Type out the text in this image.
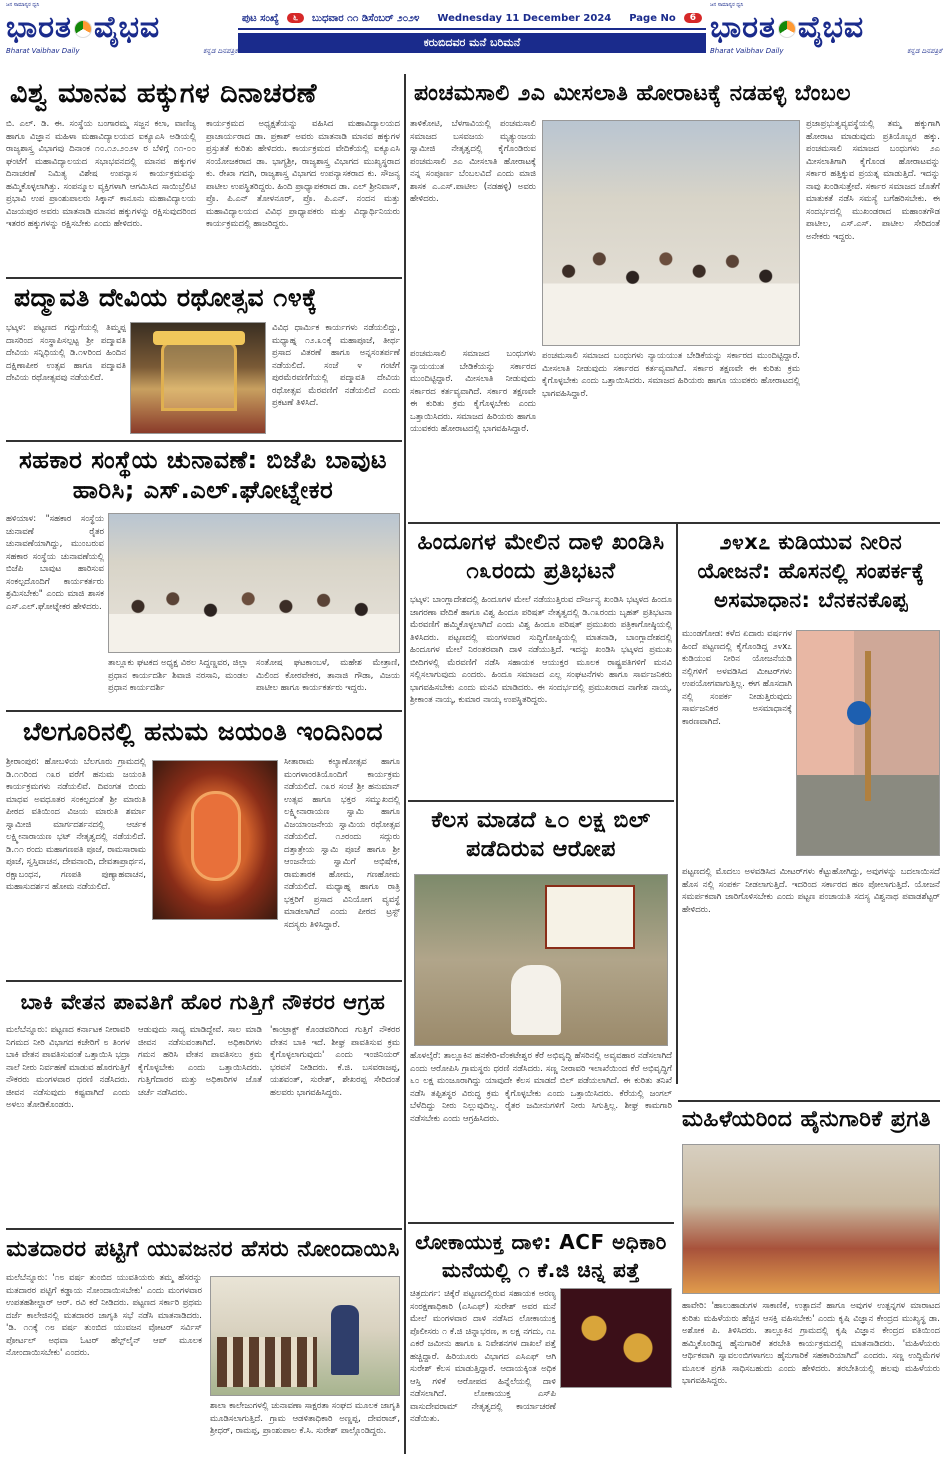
ಜನ ಸಾಮಾನ್ಯರ ಧ್ವನಿ
ಭಾರತ ವೈಭವ
Bharat Vaibhav Daily	ಕನ್ನಡ ದಿನಪತ್ರಿಕೆ
ಪುಟ ಸಂಖ್ಯೆ	೬	ಬುಧವಾರ ೧೧ ಡಿಸೆಂಬರ್ ೨೦೨೪ Wednesday 11 December 2024 Page No	6
ಕರುಬಿದವರ ಮನೆ ಬರಿಮನೆ
ಜನ ಸಾಮಾನ್ಯರ ಧ್ವನಿ
ಭಾರತ ವೈಭವ
Bharat Vaibhav Daily	ಕನ್ನಡ ದಿನಪತ್ರಿಕೆ
ವಿಶ್ವ ಮಾನವ ಹಕ್ಕುಗಳ ದಿನಾಚರಣೆ
ಬಿ. ಎಲ್. ಡಿ. ಈ. ಸಂಸ್ಥೆಯ ಬಂಗಾರಮ್ಮ ಸಜ್ಜನ ಕಲಾ, ವಾಣಿಜ್ಯ ಹಾಗೂ ವಿಜ್ಞಾನ ಮಹಿಳಾ ಮಹಾವಿದ್ಯಾಲಯದ ಐಕ್ಯೂಎಸಿ ಅಡಿಯಲ್ಲಿ ರಾಜ್ಯಶಾಸ್ತ್ರ ವಿಭಾಗವು ದಿನಾಂಕ ೧೦.೧೨.೨೦೨೪ ರ ಬೆಳಿಗ್ಗೆ ೧೧-೦೦ ಘಂಟೆಗೆ ಮಹಾವಿದ್ಯಾಲಯದ ಸಭಾಭವನದಲ್ಲಿ ಮಾನವ ಹಕ್ಕುಗಳ ದಿನಾಚರಣೆ ನಿಮಿತ್ಯ ವಿಶೇಷ ಉಪನ್ಯಾಸ ಕಾರ್ಯಕ್ರಮವನ್ನು ಹಮ್ಮಿಕೊಳ್ಳಲಾಗಿತ್ತು. ಸಂಪನ್ಮೂಲ ವ್ಯಕ್ತಿಗಳಾಗಿ ಆಗಮಿಸಿದ ಸಾಯಿಬ್ರೆಲಿಟಿ ಪ್ರಭಾವಿ ಉಪ ಪ್ರಾಂಶುಪಾಲರು ಸಿಕ್ಕಾನ್ ಕಾನೂನು ಮಹಾವಿದ್ಯಾಲಯ ವಿಜಯಪುರ ಅವರು ಮಾತನಾಡಿ ಮಾನವ ಹಕ್ಕುಗಳನ್ನು ರಕ್ಷಿಸುವುದರಿಂದ ಇತರರ ಹಕ್ಕುಗಳನ್ನು ರಕ್ಷಿಸಬೇಕು ಎಂದು ಹೇಳಿದರು.
ಕಾರ್ಯಕ್ರಮದ ಅಧ್ಯಕ್ಷತೆಯನ್ನು ವಹಿಸಿದ ಮಹಾವಿದ್ಯಾಲಯದ ಪ್ರಾಚಾರ್ಯರಾದ ಡಾ. ಪ್ರಕಾಶ್ ಅವರು ಮಾತನಾಡಿ ಮಾನವ ಹಕ್ಕುಗಳ ಪ್ರಸ್ತುತತೆ ಕುರಿತು ಹೇಳಿದರು. ಕಾರ್ಯಕ್ರಮದ ವೇದಿಕೆಯಲ್ಲಿ ಐಕ್ಯೂಎಸಿ ಸಂಯೋಜಕರಾದ ಡಾ. ಭಾಗ್ಯಶ್ರೀ, ರಾಜ್ಯಶಾಸ್ತ್ರ ವಿಭಾಗದ ಮುಖ್ಯಸ್ಥರಾದ ಕು. ರೇಖಾ ಗದಗಿ, ರಾಜ್ಯಶಾಸ್ತ್ರ ವಿಭಾಗದ ಉಪನ್ಯಾಸಕರಾದ ಕು. ಸೌಜನ್ಯ ಪಾಟೀಲ ಉಪಸ್ಥಿತರಿದ್ದರು. ಹಿಂದಿ ಪ್ರಾಧ್ಯಾಪಕರಾದ ಡಾ. ಎಲ್ ಶ್ರೀನಿವಾಸ್, ಪ್ರೊ. ಪಿ.ಎನ್ ತೋಳನೂರ್, ಪ್ರೊ. ಪಿ.ಎನ್. ನಂದನ ಮತ್ತು ಮಹಾವಿದ್ಯಾಲಯದ ವಿವಿಧ ಪ್ರಾಧ್ಯಾಪಕರು ಮತ್ತು ವಿದ್ಯಾರ್ಥಿನಿಯರು ಕಾರ್ಯಕ್ರಮದಲ್ಲಿ ಹಾಜರಿದ್ದರು.
ಪದ್ಮಾವತಿ ದೇವಿಯ ರಥೋತ್ಸವ ೧೪ಕ್ಕೆ
ಭಟ್ಕಳ: ಪಟ್ಟಣದ ಗದ್ದುಗೆಯಲ್ಲಿ ತಿಮ್ಮಪ್ಪ ದಾಸರಿಂದ ಸಂಸ್ಥಾಪಿಸಲ್ಪಟ್ಟ ಶ್ರೀ ಪದ್ಮಾವತಿ ದೇವಿಯ ಸನ್ನಿಧಿಯಲ್ಲಿ ಡಿ.೧೪ರಿಂದ ಹಿಂದಿನ ದಕ್ಷಿಣಾಪೀಠ ಉತ್ಸವ ಹಾಗೂ ಪದ್ಮಾವತಿ ದೇವಿಯ ರಥೋತ್ಸವವು ನಡೆಯಲಿದೆ.
ವಿವಿಧ ಧಾರ್ಮಿಕ ಕಾರ್ಯಗಳು ನಡೆಯಲಿದ್ದು, ಮಧ್ಯಾಹ್ನ ೧೨.೩೦ಕ್ಕೆ ಮಹಾಪೂಜೆ, ತೀರ್ಥ ಪ್ರಸಾದ ವಿತರಣೆ ಹಾಗೂ ಅನ್ನಸಂತರ್ಪಣೆ ನಡೆಯಲಿದೆ. ಸಂಜೆ ೪ ಗಂಟೆಗೆ ಪುರಮೆರವಣಿಗೆಯಲ್ಲಿ ಪದ್ಮಾವತಿ ದೇವಿಯ ರಥೋತ್ಸವ ಮೆರವಣಿಗೆ ನಡೆಯಲಿದೆ ಎಂದು ಪ್ರಕಟಣೆ ತಿಳಿಸಿದೆ.
ಸಹಕಾರ ಸಂಸ್ಥೆಯ ಚುನಾವಣೆ: ಬಿಜೆಪಿ ಬಾವುಟ ಹಾರಿಸಿ; ಎಸ್.ಎಲ್.ಘೋಟ್ನೇಕರ
ಹಳಿಯಾಳ: "ಸಹಕಾರ ಸಂಸ್ಥೆಯ ಚುನಾವಣೆ ರೈತರ ಚುನಾವಣೆಯಾಗಿದ್ದು, ಮುಂಬರುವ ಸಹಕಾರ ಸಂಸ್ಥೆಯ ಚುನಾವಣೆಯಲ್ಲಿ ಬಿಜೆಪಿ ಬಾವುಟ ಹಾರಿಸುವ ಸಂಕಲ್ಪದೊಂದಿಗೆ ಕಾರ್ಯಕರ್ತರು ಶ್ರಮಿಸಬೇಕು" ಎಂದು ಮಾಜಿ ಶಾಸಕ ಎಸ್.ಎಲ್.ಘೋಟ್ನೇಕರ ಹೇಳಿದರು.
ತಾಲ್ಲೂಕು ಘಟಕದ ಅಧ್ಯಕ್ಷ ವಿಠಲ ಸಿದ್ದಣ್ಣವರ, ಜಿಲ್ಲಾ ಪ್ರಧಾನ ಕಾರ್ಯದರ್ಶಿ ಶಿವಾಜಿ ನರಸಾನಿ, ಮಂಡಲ ಪ್ರಧಾನ ಕಾರ್ಯದರ್ಶಿ
ಸಂತೋಷ ಘಟಕಾಂಬಳೆ, ಮಹೇಶ ಮೇತ್ರಾಣಿ, ಮಿಲಿಂದ ಕೋರವೇಕರ, ತಾನಾಜಿ ಗೌಡಾ, ವಿಜಯ ಪಾಟೀಲ ಹಾಗೂ ಕಾರ್ಯಕರ್ತರು ಇದ್ದರು.
ಬೆಲಗೂರಿನಲ್ಲಿ ಹನುಮ ಜಯಂತಿ ಇಂದಿನಿಂದ
ಶ್ರೀರಾಂಪುರ: ಹೋಬಳಿಯ ಬೆಲಗೂರು ಗ್ರಾಮದಲ್ಲಿ ಡಿ.೧೧ರಿಂದ ೧೩ರ ವರೆಗೆ ಹನುಮ ಜಯಂತಿ ಕಾರ್ಯಕ್ರಮಗಳು ನಡೆಯಲಿವೆ. ದಿವಂಗತ ಬಿಂದು ಮಾಧವ ಅವಧೂತರ ಸಂಕಲ್ಪದಂತೆ ಶ್ರೀ ಮಾರುತಿ ಪೀಠದ ವತಿಯಿಂದ ವಿಜಯ ಮಾರುತಿ ಶರ್ಮಾ ಸ್ವಾಮೀಜಿ ಮಾರ್ಗದರ್ಶನದಲ್ಲಿ ಆರ್ಚಕ ಲಕ್ಷ್ಮೀನಾರಾಯಣ ಭಟ್ ನೇತೃತ್ವದಲ್ಲಿ ನಡೆಯಲಿದೆ. ಡಿ.೧೧ ರಂದು ಮಹಾಗಣಪತಿ ಪೂಜೆ, ರಾಮಸಾರಾಮ ಪೂಜೆ, ಸ್ವಸ್ತಿವಾಚನ, ದೇವನಾಂದಿ, ದೇವತಾಪ್ರಾರ್ಥನ, ರಕ್ಷಾಬಂಧನ, ಗಣಪತಿ ಪುಣ್ಯಾಹವಾಚನ, ಮಹಾಸುದರ್ಶನ ಹೋಮ ನಡೆಯಲಿದೆ.
ಸೀತಾರಾಮ ಕಲ್ಯಾಣೋತ್ಸವ ಹಾಗೂ ಮಂಗಳಾಂರತಿಯೊಂದಿಗೆ ಕಾರ್ಯಕ್ರಮ ನಡೆಯಲಿದೆ. ೧೩ರ ಸಂಜೆ ಶ್ರೀ ಹನುಮಾನ್ ಉತ್ಸವ ಹಾಗೂ ಭಕ್ತರ ಸಮ್ಮುಖದಲ್ಲಿ ಲಕ್ಷ್ಮೀನಾರಾಯಣ ಸ್ವಾಮಿ ಹಾಗೂ ವಿಜಯಾಂಜನೇಯ ಸ್ವಾಮಿಯ ರಥೋತ್ಸವ ನಡೆಯಲಿದೆ. ೧೨ರಂದು ಸದ್ಗುರು ದತ್ತಾತ್ರೇಯ ಸ್ವಾಮಿ ಪೂಜೆ ಹಾಗೂ ಶ್ರೀ ಆಂಜನೇಯ ಸ್ವಾಮಿಗೆ ಅಭಿಷೇಕ, ರಾಮತಾರಕ ಹೋಮ, ಗಣಹೋಮ ನಡೆಯಲಿದೆ. ಮಧ್ಯಾಹ್ನ ಹಾಗೂ ರಾತ್ರಿ ಭಕ್ತರಿಗೆ ಪ್ರಸಾದ ವಿನಿಯೋಗ ವ್ಯವಸ್ಥೆ ಮಾಡಲಾಗಿದೆ ಎಂದು ಪೀಠದ ಟ್ರಸ್ಟ್ ಸದಸ್ಯರು ತಿಳಿಸಿದ್ದಾರೆ.
ಬಾಕಿ ವೇತನ ಪಾವತಿಗೆ ಹೊರ ಗುತ್ತಿಗೆ ನೌಕರರ ಆಗ್ರಹ
ಮಲೆಬೆನ್ನೂರು: ಪಟ್ಟಣದ ಕರ್ನಾಟಕ ನೀರಾವರಿ ನಿಗಮದ ನೀರಿ ವಿಭಾಗದ ಕಚೇರಿಗೆ ೮ ತಿಂಗಳ ಬಾಕಿ ವೇತನ ಪಾವತಿಸುವಂತೆ ಒತ್ತಾಯಿಸಿ ಭದ್ರಾ ನಾಲೆ ನೀರು ನಿರ್ವಹಣೆ ಮಾಡುವ ಹೊರಗುತ್ತಿಗೆ ನೌಕರರು ಮಂಗಳವಾರ ಧರಣಿ ನಡೆಸಿದರು. ಜೀವನ ನಡೆಸುವುದು ಕಷ್ಟವಾಗಿದೆ ಎಂದು ಅಳಲು ತೋಡಿಕೊಂಡರು.
ಆಡುವುದು ಸಾಧ್ಯ ಮಾಡಿದ್ದೇವೆ. ಸಾಲ ಮಾಡಿ ಜೀವನ ನಡೆಸುವಂತಾಗಿದೆ. ಅಧಿಕಾರಿಗಳು ಗಮನ ಹರಿಸಿ ವೇತನ ಪಾವತಿಸಲು ಕ್ರಮ ಕೈಗೊಳ್ಳಬೇಕು ಎಂದು ಒತ್ತಾಯಿಸಿದರು. ಗುತ್ತಿಗೆದಾರರ ಮತ್ತು ಅಧಿಕಾರಿಗಳ ಜೊತೆ ಚರ್ಚೆ ನಡೆಸಿದರು.
'ಕಾಂಟ್ರಾಕ್ಟ್ ಕೊಂಡವರಿಗಿಂದ ಗುತ್ತಿಗೆ ನೌಕರರ ವೇತನ ಬಾಕಿ ಇದೆ. ಶೀಘ್ರ ಪಾವತಿಸುವ ಕ್ರಮ ಕೈಗೊಳ್ಳಲಾಗುವುದು' ಎಂದು ಇಂಜಿನಿಯರ್ ಭರವಸೆ ನೀಡಿದರು. ಕೆ.ಜಿ. ಬಸವರಾಜಪ್ಪ, ಯಶವಂತ್, ಸುರೇಶ್, ಶೇಖರಪ್ಪ ಸೇರಿದಂತೆ ಹಲವರು ಭಾಗವಹಿಸಿದ್ದರು.
ಮತದಾರರ ಪಟ್ಟಿಗೆ ಯುವಜನರ ಹೆಸರು ನೋಂದಾಯಿಸಿ
ಮಲೆಬೆನ್ನೂರು: '೧೮ ವರ್ಷ ತುಂಬಿದ ಯುವತಿಯರು ತಮ್ಮ ಹೆಸರನ್ನು ಮತದಾರರ ಪಟ್ಟಿಗೆ ಕಡ್ಡಾಯ ನೋಂದಾಯಿಸಬೇಕು' ಎಂದು ಮಂಗಳವಾರ ಉಪತಹಶೀಲ್ದಾರ್ ಆರ್. ರವಿ ಕರೆ ನೀಡಿದರು. ಪಟ್ಟಣದ ಸರ್ಕಾರಿ ಪ್ರಥಮ ದರ್ಜೆ ಕಾಲೇಜಿನಲ್ಲಿ ಮತದಾರರ ಜಾಗೃತಿ ಸಭೆ ನಡೆಸಿ ಮಾತನಾಡಿದರು. 'ಡಿ. ೧೧ಕ್ಕೆ ೧೮ ವರ್ಷ ತುಂಬಿದ ಯುವಜನ ವೋಟರ್ ಸರ್ವಿಸ್ ಪೋರ್ಟಲ್ ಅಥವಾ ಓಟರ್ ಹೆಲ್ಪ್‌ಲೈನ್ ಆಪ್ ಮೂಲಕ ನೋಂದಾಯಿಸಬೇಕು' ಎಂದರು.
ಶಾಲಾ ಕಾಲೇಜುಗಳಲ್ಲಿ ಚುನಾವಣಾ ಸಾಕ್ಷರತಾ ಸಂಘದ ಮೂಲಕ ಜಾಗೃತಿ ಮೂಡಿಸಲಾಗುತ್ತಿದೆ. ಗ್ರಾಮ ಆಡಳಿತಾಧಿಕಾರಿ ಅಣ್ಣಪ್ಪ, ದೇವರಾಜ್, ಶ್ರೀಧರ್, ರಾಮಪ್ಪ, ಪ್ರಾಂಶುಪಾಲ ಕೆ.ಸಿ. ಸುರೇಶ್ ಪಾಲ್ಗೊಂಡಿದ್ದರು.
ಪಂಚಮಸಾಲಿ ೨ಎ ಮೀಸಲಾತಿ ಹೋರಾಟಕ್ಕೆ ನಡಹಳ್ಳಿ ಬೆಂಬಲ
ತಾಳಿಕೋಟಿ, ಬೆಳಗಾವಿಯಲ್ಲಿ ಪಂಚಮಸಾಲಿ ಸಮಾಜದ ಬಸವಜಯ ಮೃತ್ಯುಂಜಯ ಸ್ವಾಮೀಜಿ ನೇತೃತ್ವದಲ್ಲಿ ಕೈಗೊಂಡಿರುವ ಪಂಚಮಸಾಲಿ ೨ಎ ಮೀಸಲಾತಿ ಹೋರಾಟಕ್ಕೆ ನನ್ನ ಸಂಪೂರ್ಣ ಬೆಂಬಲವಿದೆ ಎಂದು ಮಾಜಿ ಶಾಸಕ ಎ.ಎಸ್.ಪಾಟೀಲ (ನಡಹಳ್ಳಿ) ಅವರು ಹೇಳಿದರು.
ಪಂಚಮಸಾಲಿ ಸಮಾಜದ ಬಂಧುಗಳು ನ್ಯಾಯಯುತ ಬೇಡಿಕೆಯನ್ನು ಸರ್ಕಾರದ ಮುಂದಿಟ್ಟಿದ್ದಾರೆ. ಮೀಸಲಾತಿ ನೀಡುವುದು ಸರ್ಕಾರದ ಕರ್ತವ್ಯವಾಗಿದೆ. ಸರ್ಕಾರ ತಕ್ಷಣವೇ ಈ ಕುರಿತು ಕ್ರಮ ಕೈಗೊಳ್ಳಬೇಕು ಎಂದು ಒತ್ತಾಯಿಸಿದರು. ಸಮಾಜದ ಹಿರಿಯರು ಹಾಗೂ ಯುವಕರು ಹೋರಾಟದಲ್ಲಿ ಭಾಗವಹಿಸಿದ್ದಾರೆ.
ಪಂಚಮಸಾಲಿ ಸಮಾಜದ ಬಂಧುಗಳು ನ್ಯಾಯಯುತ ಬೇಡಿಕೆಯನ್ನು ಸರ್ಕಾರದ ಮುಂದಿಟ್ಟಿದ್ದಾರೆ. ಮೀಸಲಾತಿ ನೀಡುವುದು ಸರ್ಕಾರದ ಕರ್ತವ್ಯವಾಗಿದೆ. ಸರ್ಕಾರ ತಕ್ಷಣವೇ ಈ ಕುರಿತು ಕ್ರಮ ಕೈಗೊಳ್ಳಬೇಕು ಎಂದು ಒತ್ತಾಯಿಸಿದರು. ಸಮಾಜದ ಹಿರಿಯರು ಹಾಗೂ ಯುವಕರು ಹೋರಾಟದಲ್ಲಿ ಭಾಗವಹಿಸಿದ್ದಾರೆ.
ಪ್ರಜಾಪ್ರಭುತ್ವವ್ಯವಸ್ಥೆಯಲ್ಲಿ ತಮ್ಮ ಹಕ್ಕುಗಾಗಿ ಹೋರಾಟ ಮಾಡುವುದು ಪ್ರತಿಯೊಬ್ಬರ ಹಕ್ಕು. ಪಂಚಮಸಾಲಿ ಸಮಾಜದ ಬಂಧುಗಳು ೨ಎ ಮೀಸಲಾತಿಗಾಗಿ ಕೈಗೊಂಡ ಹೋರಾಟವನ್ನು ಸರ್ಕಾರ ಹತ್ತಿಕ್ಕುವ ಪ್ರಯತ್ನ ಮಾಡುತ್ತಿದೆ. ಇದನ್ನು ನಾವು ಖಂಡಿಸುತ್ತೇವೆ. ಸರ್ಕಾರ ಸಮಾಜದ ಜೊತೆಗೆ ಮಾತುಕತೆ ನಡೆಸಿ ಸಮಸ್ಯೆ ಬಗೆಹರಿಸಬೇಕು. ಈ ಸಂದರ್ಭದಲ್ಲಿ ಮುಖಂಡರಾದ ಮಹಾಂತಗೌಡ ಪಾಟೀಲ, ಎಸ್.ಎಸ್. ಪಾಟೀಲ ಸೇರಿದಂತೆ ಅನೇಕರು ಇದ್ದರು.
ಹಿಂದೂಗಳ ಮೇಲಿನ ದಾಳಿ ಖಂಡಿಸಿ ೧೩ರಂದು ಪ್ರತಿಭಟನೆ
ಭಟ್ಕಳ: ಬಾಂಗ್ಲಾದೇಶದಲ್ಲಿ ಹಿಂದೂಗಳ ಮೇಲೆ ನಡೆಯುತ್ತಿರುವ ದೌರ್ಜನ್ಯ ಖಂಡಿಸಿ ಭಟ್ಕಳದ ಹಿಂದೂ ಜಾಗರಣಾ ವೇದಿಕೆ ಹಾಗೂ ವಿಶ್ವ ಹಿಂದೂ ಪರಿಷತ್ ನೇತೃತ್ವದಲ್ಲಿ ಡಿ.೧೩ರಂದು ಬೃಹತ್ ಪ್ರತಿಭಟನಾ ಮೆರವಣಿಗೆ ಹಮ್ಮಿಕೊಳ್ಳಲಾಗಿದೆ ಎಂದು ವಿಶ್ವ ಹಿಂದೂ ಪರಿಷತ್ ಪ್ರಮುಖರು ಪತ್ರಿಕಾಗೋಷ್ಠಿಯಲ್ಲಿ ತಿಳಿಸಿದರು. ಪಟ್ಟಣದಲ್ಲಿ ಮಂಗಳವಾರ ಸುದ್ದಿಗೋಷ್ಠಿಯಲ್ಲಿ ಮಾತನಾಡಿ, ಬಾಂಗ್ಲಾದೇಶದಲ್ಲಿ ಹಿಂದೂಗಳ ಮೇಲೆ ನಿರಂತರವಾಗಿ ದಾಳಿ ನಡೆಯುತ್ತಿದೆ. ಇದನ್ನು ಖಂಡಿಸಿ ಭಟ್ಕಳದ ಪ್ರಮುಖ ಬೀದಿಗಳಲ್ಲಿ ಮೆರವಣಿಗೆ ನಡೆಸಿ ಸಹಾಯಕ ಆಯುಕ್ತರ ಮೂಲಕ ರಾಷ್ಟ್ರಪತಿಗಳಿಗೆ ಮನವಿ ಸಲ್ಲಿಸಲಾಗುವುದು ಎಂದರು. ಹಿಂದೂ ಸಮಾಜದ ಎಲ್ಲ ಸಂಘಟನೆಗಳು ಹಾಗೂ ಸಾರ್ವಜನಿಕರು ಭಾಗವಹಿಸಬೇಕು ಎಂದು ಮನವಿ ಮಾಡಿದರು. ಈ ಸಂದರ್ಭದಲ್ಲಿ ಪ್ರಮುಖರಾದ ನಾಗೇಶ ನಾಯ್ಕ, ಶ್ರೀಕಾಂತ ನಾಯ್ಕ, ಕುಮಾರ ನಾಯ್ಕ ಉಪಸ್ಥಿತರಿದ್ದರು.
೨೪x೭ ಕುಡಿಯುವ ನೀರಿನ ಯೋಜನೆ: ಹೊಸನಲ್ಲಿ ಸಂಪರ್ಕಕ್ಕೆ ಅಸಮಾಧಾನ: ಬೆನಕನಕೊಪ್ಪ
ಮುಂಡಗೋಡ: ಕಳೆದ ಏದಾರು ವರ್ಷಗಳ ಹಿಂದೆ ಪಟ್ಟಣದಲ್ಲಿ ಕೈಗೊಂಡಿದ್ದ ೨೪x೭ ಕುಡಿಯುವ ನೀರಿನ ಯೋಜನೆಯಡಿ ನಲ್ಲಿಗಳಿಗೆ ಅಳವಡಿಸಿದ ಮೀಟರ್‌ಗಳು ಉಪಯೋಗವಾಗುತ್ತಿಲ್ಲ. ಈಗ ಹೊಸದಾಗಿ ನಲ್ಲಿ ಸಂಪರ್ಕ ನೀಡುತ್ತಿರುವುದು ಸಾರ್ವಜನಿಕರ ಅಸಮಾಧಾನಕ್ಕೆ ಕಾರಣವಾಗಿದೆ.
ಪಟ್ಟಣದಲ್ಲಿ ಮೊದಲು ಅಳವಡಿಸಿದ ಮೀಟರ್‌ಗಳು ಕೆಟ್ಟುಹೋಗಿದ್ದು, ಅವುಗಳನ್ನು ಬದಲಾಯಿಸದೆ ಹೊಸ ನಲ್ಲಿ ಸಂಪರ್ಕ ನೀಡಲಾಗುತ್ತಿದೆ. ಇದರಿಂದ ಸರ್ಕಾರದ ಹಣ ಪೋಲಾಗುತ್ತಿದೆ. ಯೋಜನೆ ಸಮರ್ಪಕವಾಗಿ ಜಾರಿಗೊಳಿಸಬೇಕು ಎಂದು ಪಟ್ಟಣ ಪಂಚಾಯತಿ ಸದಸ್ಯ ವಿಶ್ವನಾಥ ಪವಾಡಶೆಟ್ಟರ್ ಹೇಳಿದರು.
ಕೆಲಸ ಮಾಡದೆ ೬೦ ಲಕ್ಷ ಬಿಲ್ ಪಡೆದಿರುವ ಆರೋಪ
ಹೊಳಲ್ಕೆರೆ: ತಾಲ್ಲೂಕಿನ ಹನಕೇರಿ-ವೆಂಕಟೇಶ್ವರ ಕೆರೆ ಅಭಿವೃದ್ಧಿ ಹೆಸರಿನಲ್ಲಿ ಅವ್ಯವಹಾರ ನಡೆಸಲಾಗಿದೆ ಎಂದು ಆರೋಪಿಸಿ ಗ್ರಾಮಸ್ಥರು ಧರಣಿ ನಡೆಸಿದರು. ಸಣ್ಣ ನೀರಾವರಿ ಇಲಾಖೆಯಿಂದ ಕೆರೆ ಅಭಿವೃದ್ಧಿಗೆ ೬೦ ಲಕ್ಷ ಮಂಜೂರಾಗಿದ್ದು ಯಾವುದೇ ಕೆಲಸ ಮಾಡದೆ ಬಿಲ್ ಪಡೆಯಲಾಗಿದೆ. ಈ ಕುರಿತು ತನಿಖೆ ನಡೆಸಿ ತಪ್ಪಿತಸ್ಥರ ವಿರುದ್ಧ ಕ್ರಮ ಕೈಗೊಳ್ಳಬೇಕು ಎಂದು ಒತ್ತಾಯಿಸಿದರು. ಕೆರೆಯಲ್ಲಿ ಜಂಗಲ್ ಬೆಳೆದಿದ್ದು ನೀರು ನಿಲ್ಲುವುದಿಲ್ಲ. ರೈತರ ಜಮೀನುಗಳಿಗೆ ನೀರು ಸಿಗುತ್ತಿಲ್ಲ. ಶೀಘ್ರ ಕಾಮಗಾರಿ ನಡೆಸಬೇಕು ಎಂದು ಆಗ್ರಹಿಸಿದರು.	ಮಹಿಳೆಯರಿಂದ ಹೈನುಗಾರಿಕೆ ಪ್ರಗತಿ
ಹಾವೇರಿ: 'ಹಾಲುಹಾಡುಗಳ ಸಾಕಾಣಿಕೆ, ಉತ್ಪಾದನೆ ಹಾಗೂ ಅವುಗಳ ಉತ್ಪನ್ನಗಳ ಮಾರಾಟದ ಕುರಿತು ಮಹಿಳೆಯರು ಹೆಚ್ಚಿನ ಆಸಕ್ತಿ ವಹಿಸಬೇಕು' ಎಂದು ಕೃಷಿ ವಿಜ್ಞಾನ ಕೇಂದ್ರದ ಮುಖ್ಯಸ್ಥ ಡಾ. ಅಶೋಕ ಪಿ. ತಿಳಿಸಿದರು. ತಾಲ್ಲೂಕಿನ ಗ್ರಾಮದಲ್ಲಿ ಕೃಷಿ ವಿಜ್ಞಾನ ಕೇಂದ್ರದ ವತಿಯಿಂದ ಹಮ್ಮಿಕೊಂಡಿದ್ದ ಹೈನುಗಾರಿಕೆ ತರಬೇತಿ ಕಾರ್ಯಕ್ರಮದಲ್ಲಿ ಮಾತನಾಡಿದರು. 'ಮಹಿಳೆಯರು ಆರ್ಥಿಕವಾಗಿ ಸ್ವಾವಲಂಬಿಗಳಾಗಲು ಹೈನುಗಾರಿಕೆ ಸಹಕಾರಿಯಾಗಿದೆ' ಎಂದರು. ಸಣ್ಣ ಉದ್ದಿಮೆಗಳ ಮೂಲಕ ಪ್ರಗತಿ ಸಾಧಿಸಬಹುದು ಎಂದು ಹೇಳಿದರು. ತರಬೇತಿಯಲ್ಲಿ ಹಲವು ಮಹಿಳೆಯರು ಭಾಗವಹಿಸಿದ್ದರು.
ಲೋಕಾಯುಕ್ತ ದಾಳಿ: ACF ಅಧಿಕಾರಿ ಮನೆಯಲ್ಲಿ ೧ ಕೆ.ಜಿ ಚಿನ್ನ ಪತ್ತೆ
ಚಿತ್ರದುರ್ಗ: ಚಿಕ್ಕೆರೆ ಪಟ್ಟಣದಲ್ಲಿರುವ ಸಹಾಯಕ ಅರಣ್ಯ ಸಂರಕ್ಷಣಾಧಿಕಾರಿ (ಎಸಿಎಫ್) ಸುರೇಶ್ ಅವರ ಮನೆ ಮೇಲೆ ಮಂಗಳವಾರ ದಾಳಿ ನಡೆಸಿದ ಲೋಕಾಯುಕ್ತ ಪೊಲೀಸರು ೧ ಕೆ.ಜಿ ಚಿನ್ನಾಭರಣ, ೫ ಲಕ್ಷ ನಗದು, ೧೭ ಎಕರೆ ಜಮೀನು ಹಾಗೂ ೩ ನಿವೇಶನಗಳ ದಾಖಲೆ ಪತ್ತೆ ಹಚ್ಚಿದ್ದಾರೆ. ಹಿರಿಯೂರು ವಿಭಾಗದ ಎಸಿಎಫ್ ಆಗಿ ಸುರೇಶ್ ಕೆಲಸ ಮಾಡುತ್ತಿದ್ದಾರೆ. ಆದಾಯಕ್ಕಿಂತ ಅಧಿಕ ಆಸ್ತಿ ಗಳಿಕೆ ಆರೋಪದ ಹಿನ್ನೆಲೆಯಲ್ಲಿ ದಾಳಿ ನಡೆಸಲಾಗಿದೆ. ಲೋಕಾಯುಕ್ತ ಎಸ್‌ಪಿ ವಾಸುದೇವರಾಮ್ ನೇತೃತ್ವದಲ್ಲಿ ಕಾರ್ಯಾಚರಣೆ ನಡೆಯಿತು.
